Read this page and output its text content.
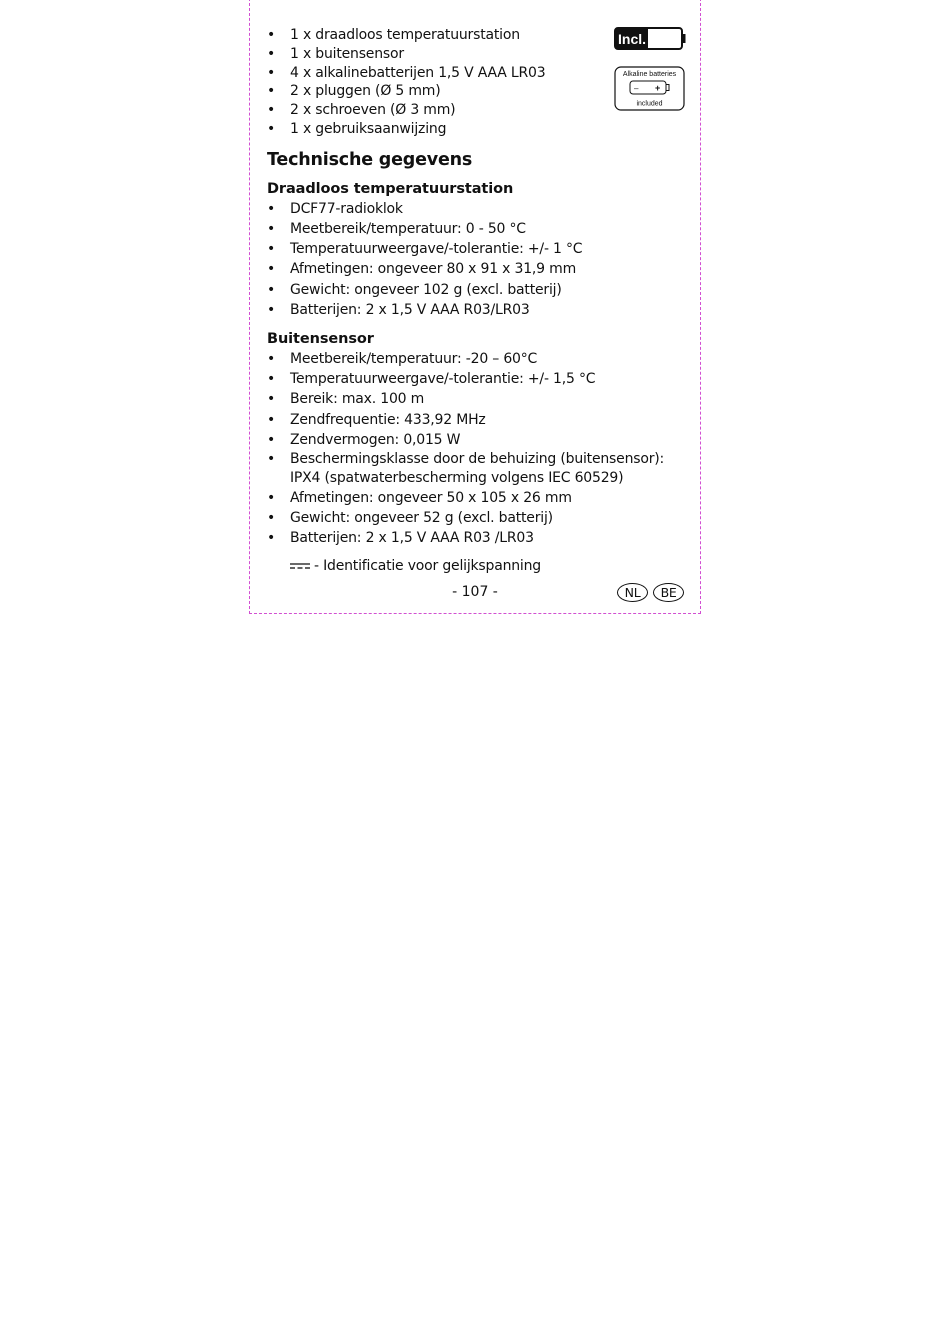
Incl.
Alkaline batteries
– +
included
• 1 x draadloos temperatuurstation
• 1 x buitensensor
• 4 x alkalinebatterijen 1,5 V AAA LR03
• 2 x pluggen (Ø 5 mm)
• 2 x schroeven (Ø 3 mm)
• 1 x gebruiksaanwijzing
Technische gegevens
Draadloos temperatuurstation
• DCF77-radioklok
• Meetbereik/temperatuur: 0 - 50 °C
• Temperatuurweergave/-tolerantie: +/- 1 °C
• Afmetingen: ongeveer 80 x 91 x 31,9 mm
• Gewicht: ongeveer 102 g (excl. batterij)
• Batterijen: 2 x 1,5 V AAA R03/LR03
Buitensensor
• Meetbereik/temperatuur: -20 – 60°C
• Temperatuurweergave/-tolerantie: +/- 1,5 °C
• Bereik: max. 100 m
• Zendfrequentie: 433,92 MHz
• Zendvermogen: 0,015 W
• Beschermingsklasse door de behuizing (buitensensor):
IPX4 (spatwaterbescherming volgens IEC 60529)
• Afmetingen: ongeveer 50 x 105 x 26 mm
• Gewicht: ongeveer 52 g (excl. batterij)
• Batterijen: 2 x 1,5 V AAA R03 /LR03
- Identificatie voor gelijkspanning
- 107 -	NL	BE
